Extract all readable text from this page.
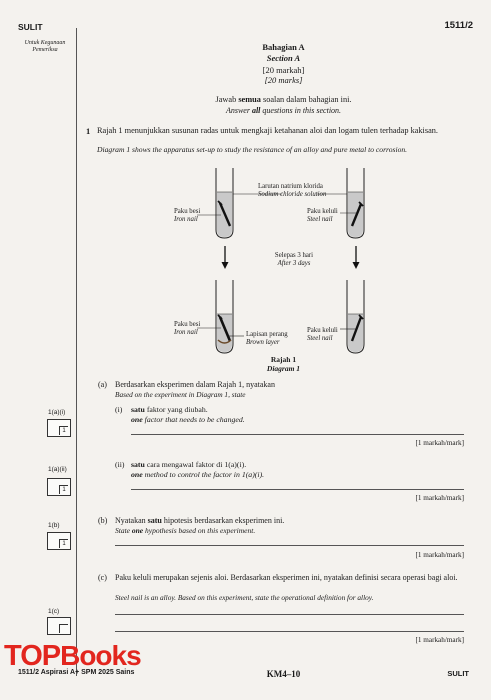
SULIT	1511/2
Untuk Kegunaan Pemeriksa	Bahagian A
Section A
[20 markah]
[20 marks]
Jawab semua soalan dalam bahagian ini.
Answer all questions in this section.
1 Rajah 1 menunjukkan susunan radas untuk mengkaji ketahanan aloi dan logam tulen terhadap kakisan.
Diagram 1 shows the apparatus set-up to study the resistance of an alloy and pure metal to corrosion.
Larutan natrium klorida
Sodium chloride solution
Paku besi
Iron nail
Paku keluli
Steel nail
Selepas 3 hari
After 3 days
Paku besi
Iron nail	Lapisan perang
Brown layer
Paku keluli
Steel nail
Rajah 1
Diagram 1
(a) Berdasarkan eksperimen dalam Rajah 1, nyatakan
Based on the experiment in Diagram 1, state
(i) satu faktor yang diubah.
one factor that needs to be changed.
[1 markah/mark]
1(a)(i)
1
(ii) satu cara mengawal faktor di 1(a)(i).
one method to control the factor in 1(a)(i).
[1 markah/mark]
1(a)(ii)
1
(b) Nyatakan satu hipotesis berdasarkan eksperimen ini.
State one hypothesis based on this experiment.
[1 markah/mark]
1(b)
1
(c) Paku keluli merupakan sejenis aloi. Berdasarkan eksperimen ini, nyatakan definisi secara operasi bagi aloi.
Steel nail is an alloy. Based on this experiment, state the operational definition for alloy.
[1 markah/mark]
1(c)
TOPBooks
1511/2 Aspirasi A+ SPM 2025 Sains	KM4–10	SULIT
